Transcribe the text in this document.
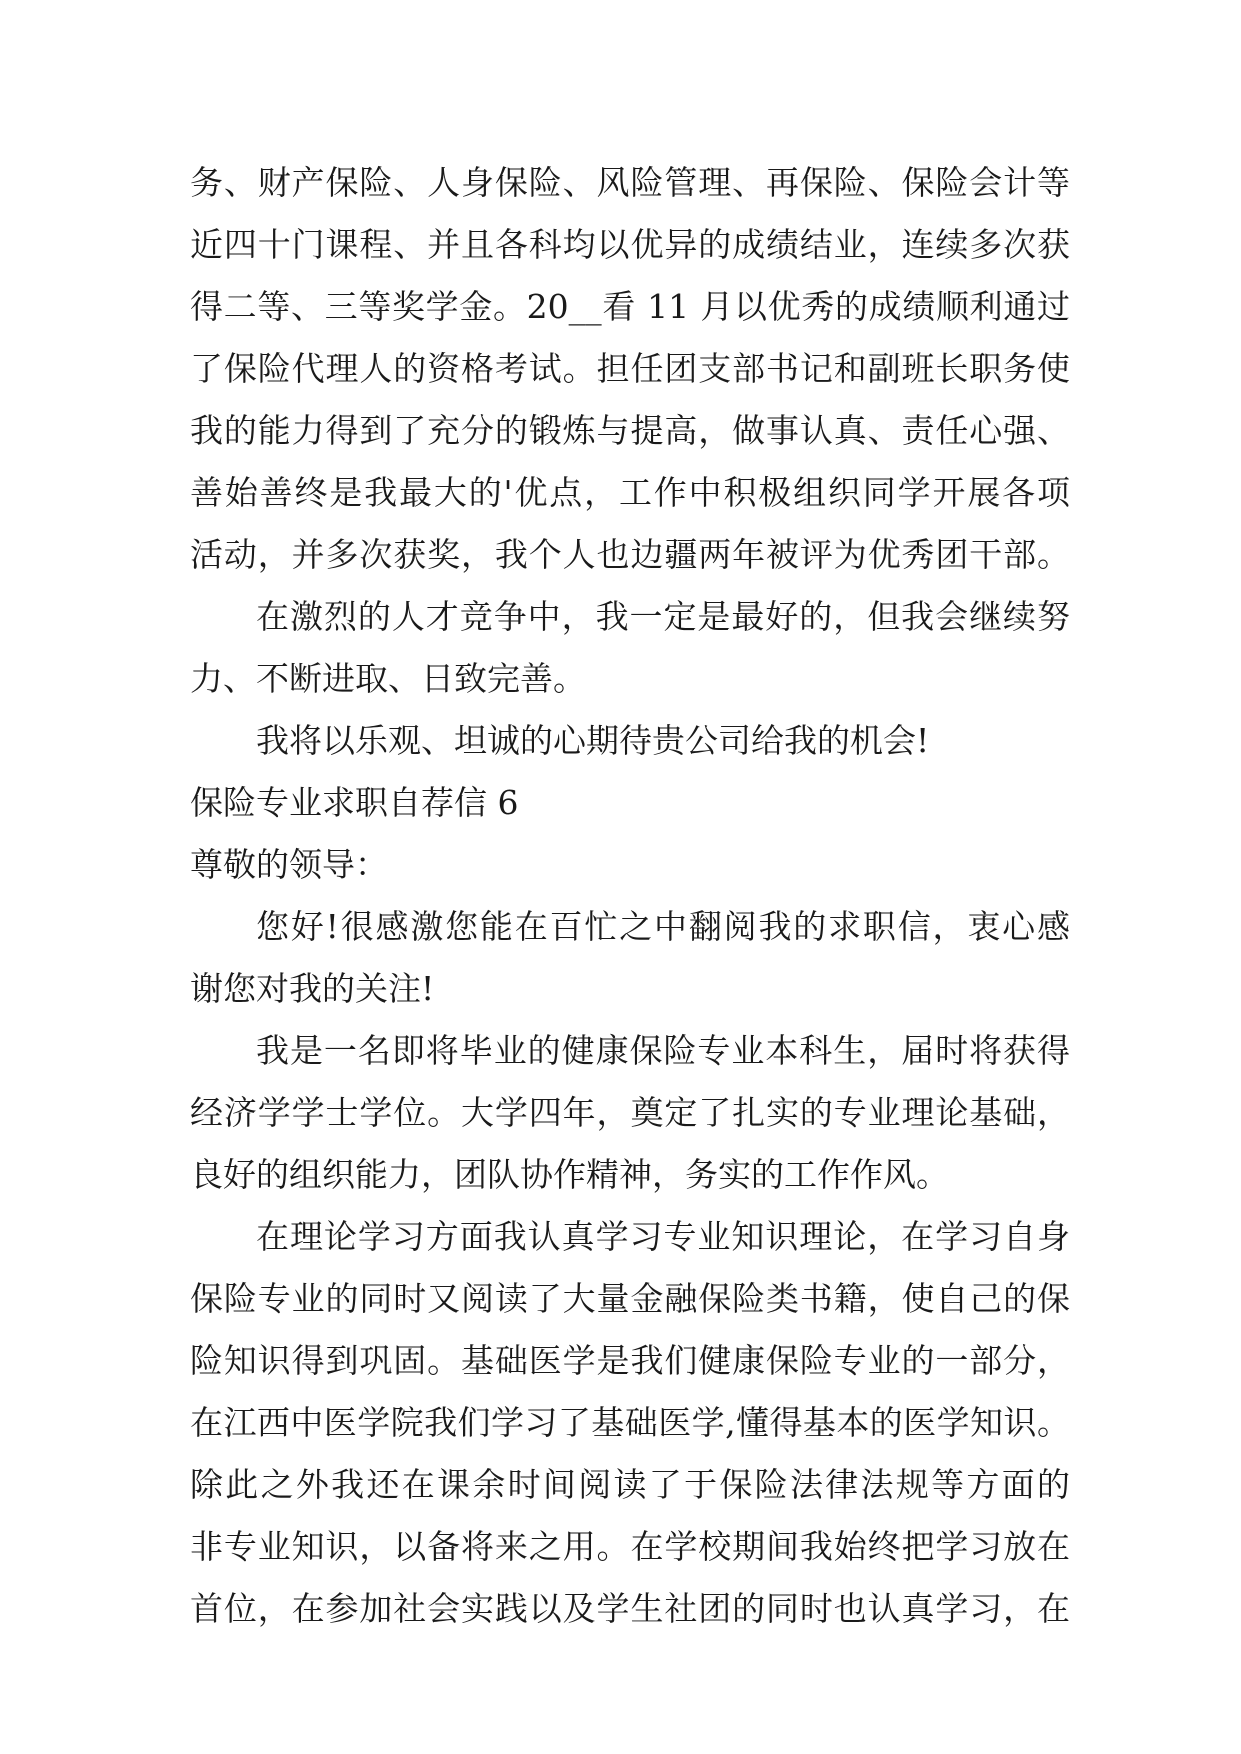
务、财产保险、人身保险、风险管理、再保险、保险会计等
近四十门课程、并且各科均以优异的成绩结业，连续多次获
得二等、三等奖学金。20__看 11 月以优秀的成绩顺利通过
了保险代理人的资格考试。担任团支部书记和副班长职务使
我的能力得到了充分的锻炼与提高，做事认真、责任心强、
善始善终是我最大的'优点，工作中积极组织同学开展各项
活动，并多次获奖，我个人也边疆两年被评为优秀团干部。
在激烈的人才竞争中，我一定是最好的，但我会继续努
力、不断进取、日致完善。
我将以乐观、坦诚的心期待贵公司给我的机会!
保险专业求职自荐信 6
尊敬的领导：
您好!很感激您能在百忙之中翻阅我的求职信，衷心感
谢您对我的关注!
我是一名即将毕业的健康保险专业本科生，届时将获得
经济学学士学位。大学四年，奠定了扎实的专业理论基础，
良好的组织能力，团队协作精神，务实的工作作风。
在理论学习方面我认真学习专业知识理论，在学习自身
保险专业的同时又阅读了大量金融保险类书籍，使自己的保
险知识得到巩固。基础医学是我们健康保险专业的一部分，
在江西中医学院我们学习了基础医学,懂得基本的医学知识。
除此之外我还在课余时间阅读了于保险法律法规等方面的
非专业知识，以备将来之用。在学校期间我始终把学习放在
首位，在参加社会实践以及学生社团的同时也认真学习，在
